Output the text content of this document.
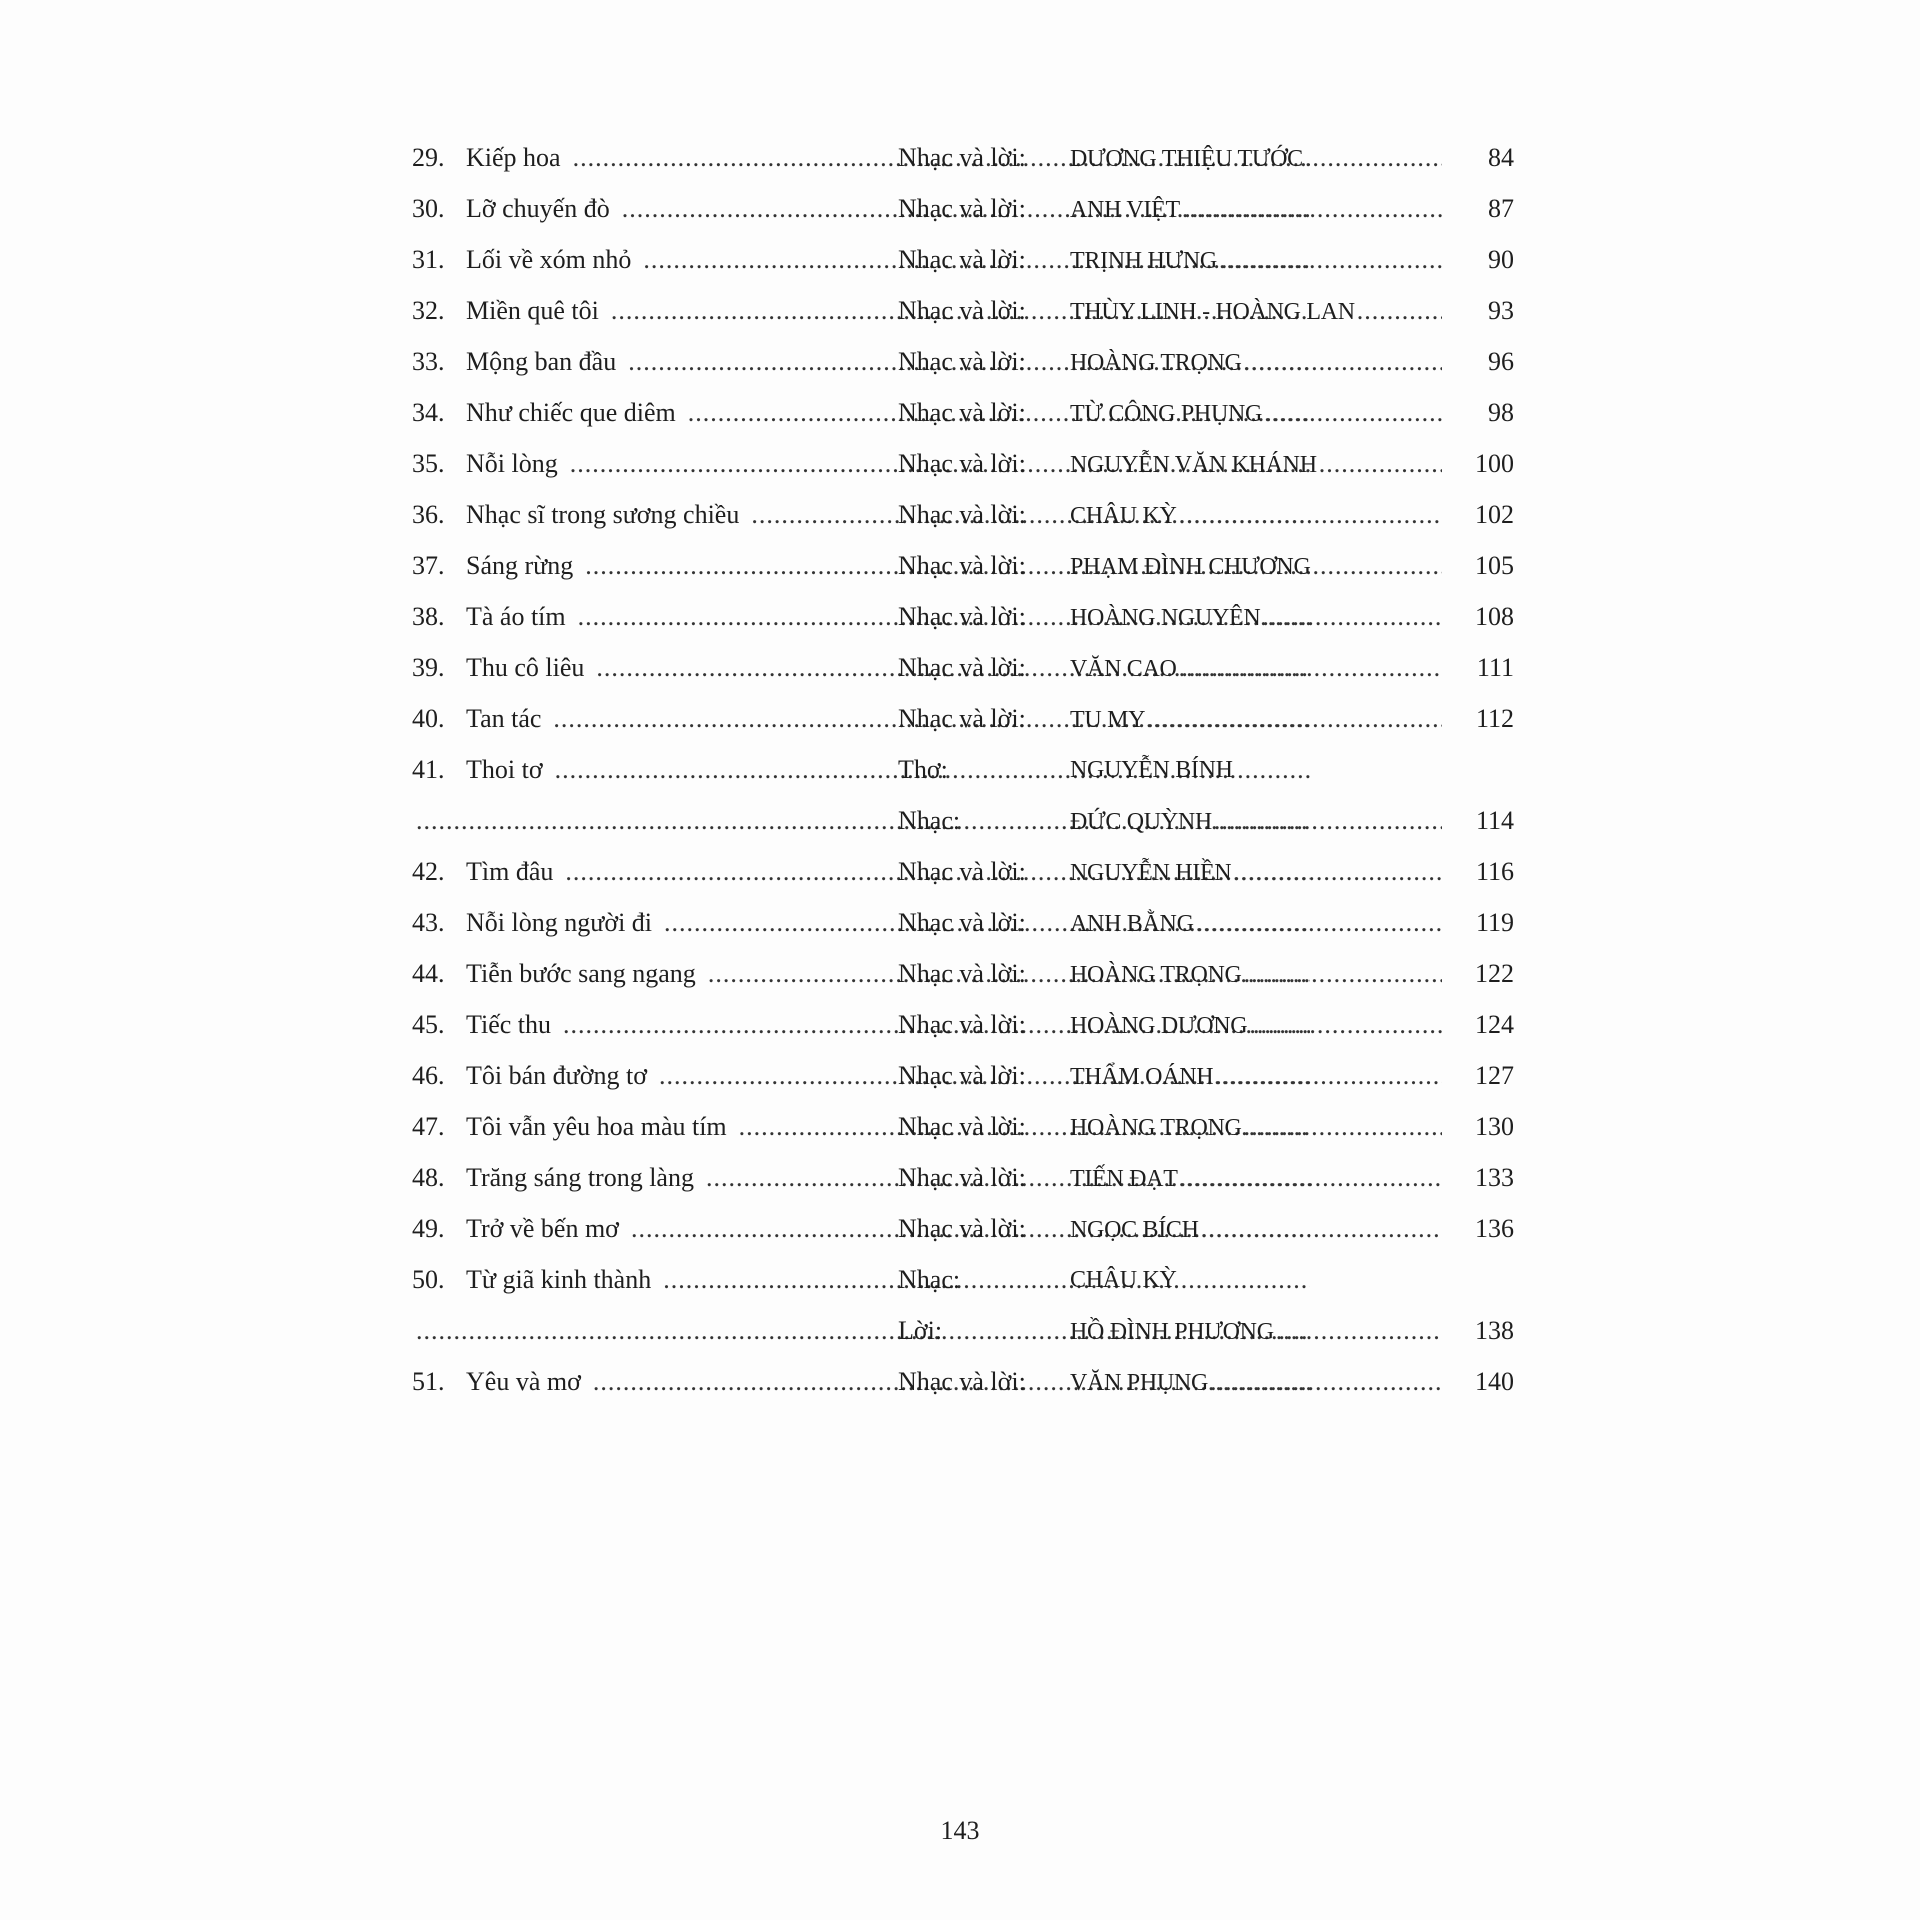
29. Kiếp hoa .....	Nhạc và lời:	DƯƠNG THIỆU TƯỚC .....	84
30. Lỡ chuyến đò .....	Nhạc và lời:	ANH VIỆT .....	87
31. Lối về xóm nhỏ .....	Nhạc và lời:	TRỊNH HƯNG .....	90
32. Miền quê tôi .....	Nhạc và lời:	THÙY LINH - HOÀNG LAN .....	93
33. Mộng ban đầu .....	Nhạc và lời:	HOÀNG TRỌNG .....	96
34. Như chiếc que diêm .....	Nhạc và lời:	TỪ CÔNG PHỤNG .....	98
35. Nỗi lòng .....	Nhạc và lời:	NGUYỄN VĂN KHÁNH .....	100
36. Nhạc sĩ trong sương chiều .....	Nhạc và lời:	CHÂU KỲ .....	102
37. Sáng rừng .....	Nhạc và lời:	PHẠM ĐÌNH CHƯƠNG .....	105
38. Tà áo tím .....	Nhạc và lời:	HOÀNG NGUYÊN .....	108
39. Thu cô liêu .....	Nhạc và lời:	VĂN CAO .....	111
40. Tan tác .....	Nhạc và lời:	TU MY .....	112
41. Thoi tơ .....	Thơ:	NGUYỄN BÍNH
.....
Nhạc:	ĐỨC QUỲNH .....	114
42. Tìm đâu .....	Nhạc và lời:	NGUYỄN HIỀN .....	116
43. Nỗi lòng người đi .....	Nhạc và lời:	ANH BẰNG .....	119
44. Tiễn bước sang ngang .....	Nhạc và lời:	HOÀNG TRỌNG .....	122
45. Tiếc thu .....	Nhạc và lời:	HOÀNG DƯƠNG .....	124
46. Tôi bán đường tơ .....	Nhạc và lời:	THẨM OÁNH .....	127
47. Tôi vẫn yêu hoa màu tím .....	Nhạc và lời:	HOÀNG TRỌNG .....	130
48. Trăng sáng trong làng .....	Nhạc và lời:	TIẾN ĐẠT .....	133
49. Trở về bến mơ .....	Nhạc và lời:	NGỌC BÍCH .....	136
50. Từ giã kinh thành .....	Nhạc:	CHÂU KỲ
.....
Lời:	HỒ ĐÌNH PHƯƠNG .....	138
51. Yêu và mơ .....	Nhạc và lời:	VĂN PHỤNG .....	140
143
